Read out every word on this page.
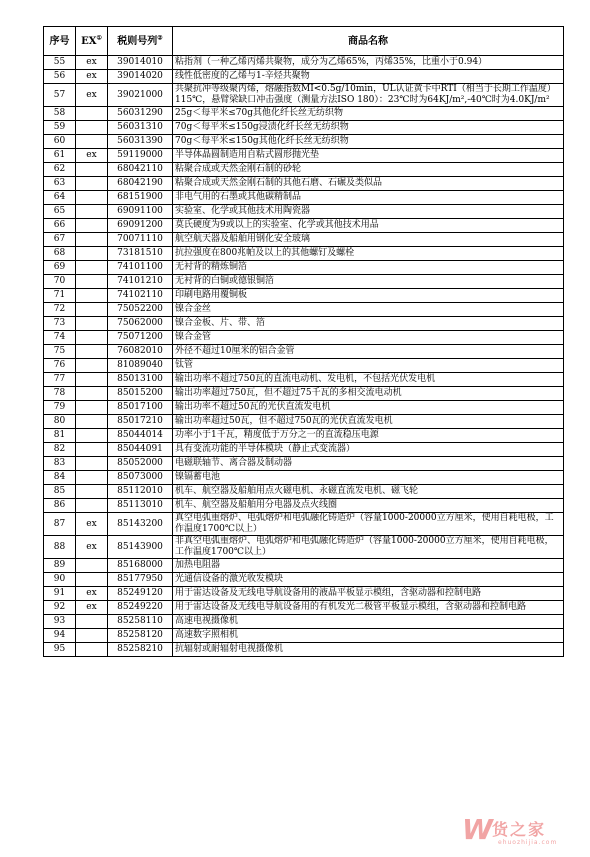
序号	EX①	税则号列②	商品名称
55	ex	39014010	粘指剂（一种乙烯丙烯共聚物，成分为乙烯65%，丙烯35%，比重小于0.94）
56	ex	39014020	线性低密度的乙烯与1-辛烃共聚物
57	ex	39021000	共聚抗冲等级聚丙烯，熔融指数MI<0.5g/10min，UL认证黄卡中RTI（相当于长期工作温度）115℃，悬臂梁缺口冲击强度（测量方法ISO 180）：23℃时为64KJ/m²,-40℃时为4.0KJ/m²
58		56031290	25g＜每平米≤70g其他化纤长丝无纺织物
59		56031310	70g＜每平米≤150g浸渍化纤长丝无纺织物
60		56031390	70g＜每平米≤150g其他化纤长丝无纺织物
61	ex	59119000	半导体晶圆制造用自粘式圆形抛光垫
62		68042110	粘聚合成或天然金刚石制的砂轮
63		68042190	粘聚合成或天然金刚石制的其他石磨、石碾及类似品
64		68151900	非电气用的石墨或其他碳精制品
65		69091100	实验室、化学或其他技术用陶瓷器
66		69091200	莫氏硬度为9或以上的实验室、化学或其他技术用品
67		70071110	航空航天器及船舶用钢化安全玻璃
68		73181510	抗拉强度在800兆帕及以上的其他螺钉及螺栓
69		74101100	无衬背的精炼铜箔
70		74101210	无衬背的白铜或德银铜箔
71		74102110	印刷电路用覆铜板
72		75052200	镍合金丝
73		75062000	镍合金板、片、带、箔
74		75071200	镍合金管
75		76082010	外径不超过10厘米的铝合金管
76		81089040	钛管
77		85013100	输出功率不超过750瓦的直流电动机、发电机，不包括光伏发电机
78		85015200	输出功率超过750瓦，但不超过75千瓦的多相交流电动机
79		85017100	输出功率不超过50瓦的光伏直流发电机
80		85017210	输出功率超过50瓦，但不超过750瓦的光伏直流发电机
81		85044014	功率小于1千瓦，精度低于万分之一的直流稳压电源
82		85044091	具有变流功能的半导体模块（静止式变流器）
83		85052000	电磁联轴节、离合器及制动器
84		85073000	镍镉蓄电池
85		85112010	机车、航空器及船舶用点火磁电机、永磁直流发电机、磁飞轮
86		85113010	机车、航空器及船舶用分电器及点火线圈
87	ex	85143200	真空电弧重熔炉、电弧熔炉和电弧融化铸造炉（容量1000-20000立方厘米，使用自耗电极，工作温度1700℃以上）
88	ex	85143900	非真空电弧重熔炉、电弧熔炉和电弧融化铸造炉（容量1000-20000立方厘米，使用自耗电极，工作温度1700℃以上）
89		85168000	加热电阻器
90		85177950	光通信设备的激光收发模块
91	ex	85249120	用于雷达设备及无线电导航设备用的液晶平板显示模组，含驱动器和控制电路
92	ex	85249220	用于雷达设备及无线电导航设备用的有机发光二极管平板显示模组，含驱动器和控制电路
93		85258110	高速电视摄像机
94		85258120	高速数字照相机
95		85258210	抗辐射或耐辐射电视摄像机
W 货之家
ehuozhijia.com
